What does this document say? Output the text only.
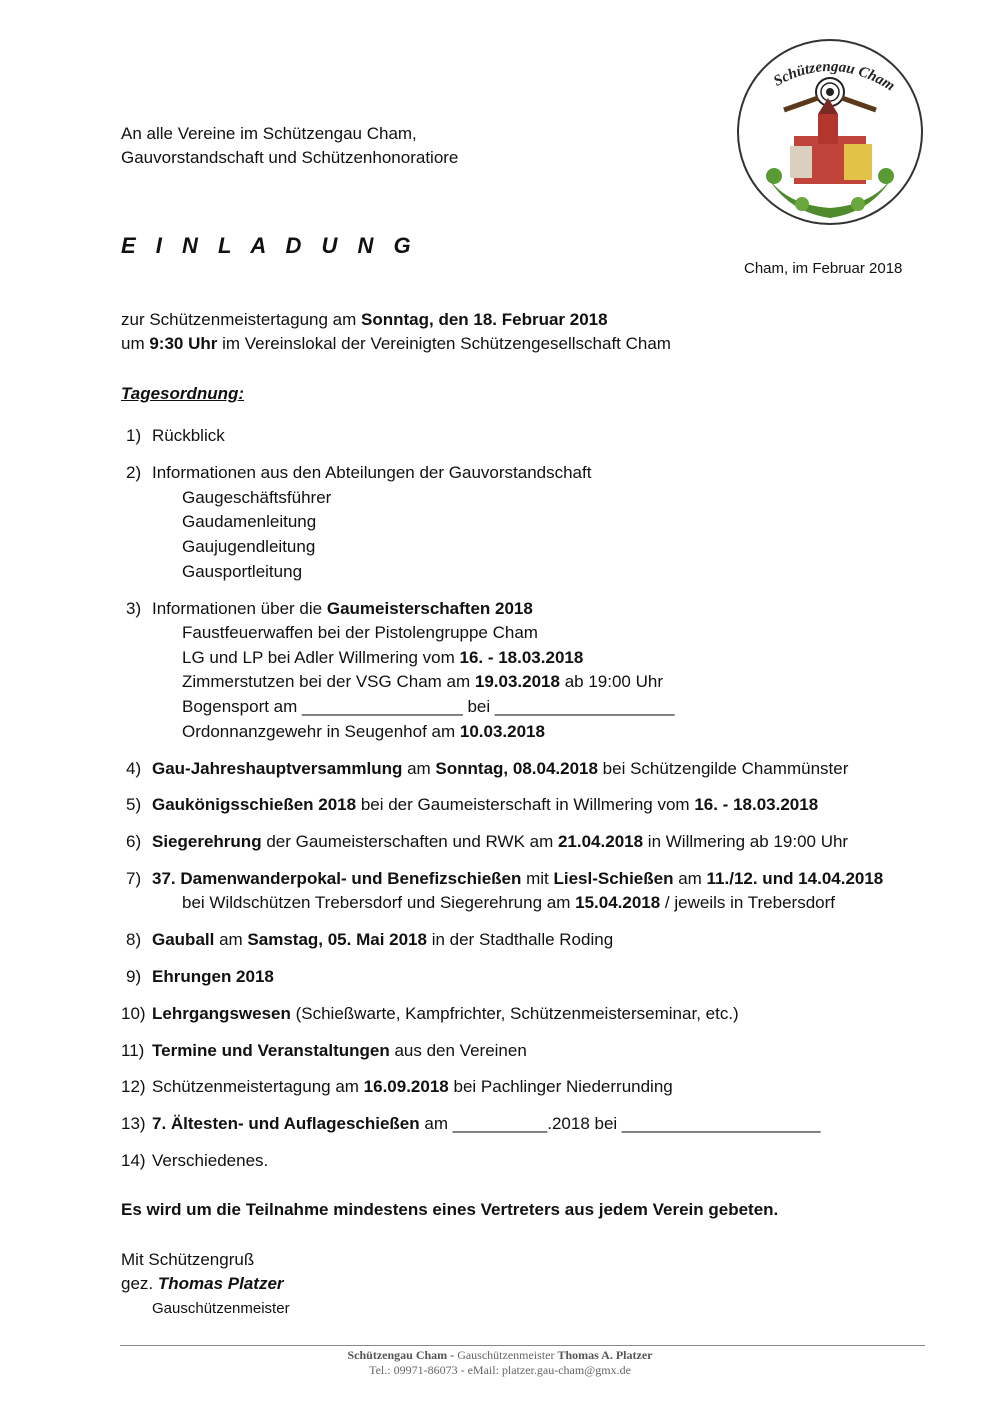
Schützengau Cham
An alle Vereine im Schützengau Cham,
Gauvorstandschaft und Schützenhonoratiore
E I N L A D U N G
Cham, im Februar 2018
zur Schützenmeistertagung am Sonntag, den 18. Februar 2018
um 9:30 Uhr im Vereinslokal der Vereinigten Schützengesellschaft Cham
Tagesordnung:
1) Rückblick
2) Informationen aus den Abteilungen der Gauvorstandschaft
Gaugeschäftsführer
Gaudamenleitung
Gaujugendleitung
Gausportleitung
3) Informationen über die Gaumeisterschaften 2018
Faustfeuerwaffen bei der Pistolengruppe Cham
LG und LP bei Adler Willmering vom 16. - 18.03.2018
Zimmerstutzen bei der VSG Cham am 19.03.2018 ab 19:00 Uhr
Bogensport am _________________ bei ___________________
Ordonnanzgewehr in Seugenhof am 10.03.2018
4) Gau-Jahreshauptversammlung am Sonntag, 08.04.2018 bei Schützengilde Chammünster
5) Gaukönigsschießen 2018 bei der Gaumeisterschaft in Willmering vom 16. - 18.03.2018
6) Siegerehrung der Gaumeisterschaften und RWK am 21.04.2018 in Willmering ab 19:00 Uhr
7) 37. Damenwanderpokal- und Benefizschießen mit Liesl-Schießen am 11./12. und 14.04.2018
bei Wildschützen Trebersdorf und Siegerehrung am 15.04.2018 / jeweils in Trebersdorf
8) Gauball am Samstag, 05. Mai 2018 in der Stadthalle Roding
9) Ehrungen 2018
10) Lehrgangswesen (Schießwarte, Kampfrichter, Schützenmeisterseminar, etc.)
11) Termine und Veranstaltungen aus den Vereinen
12) Schützenmeistertagung am 16.09.2018 bei Pachlinger Niederrunding
13) 7. Ältesten- und Auflageschießen am __________.2018 bei _____________________
14) Verschiedenes.
Es wird um die Teilnahme mindestens eines Vertreters aus jedem Verein gebeten.
Mit Schützengruß
gez. Thomas Platzer
Gauschützenmeister
Schützengau Cham - Gauschützenmeister Thomas A. Platzer
Tel.: 09971-86073 - eMail: platzer.gau-cham@gmx.de
